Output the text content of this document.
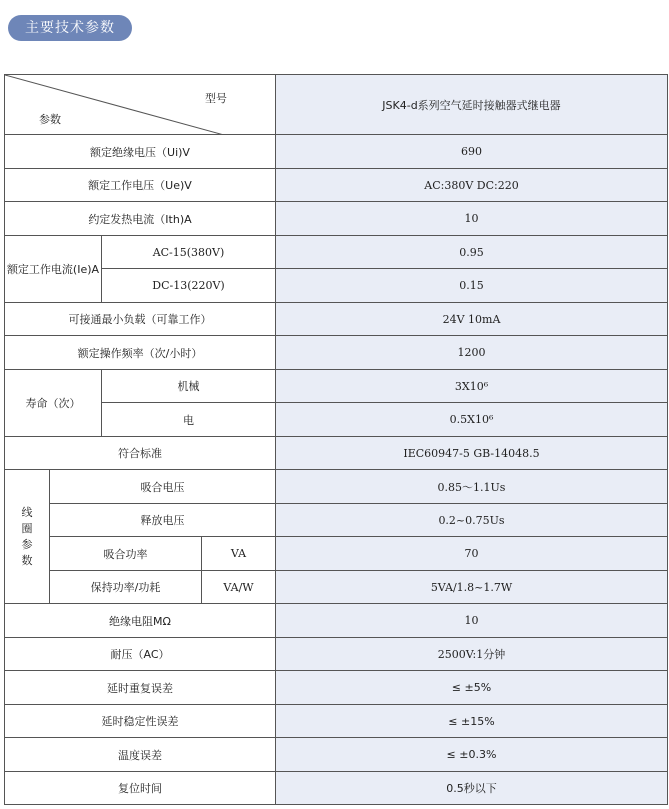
主要技术参数
型号
参数				JSK4-d系列空气延时接触器式继电器
额定绝缘电压（Ui)V				690
额定工作电压（Ue)V				AC:380V DC:220
约定发热电流（Ith)A				10
额定工作电流(Ie)A		AC-15(380V)		0.95
		DC-13(220V)		0.15
可接通最小负载（可靠工作）				24V 10mA
额定操作频率（次/小时）				1200
寿命（次）		机械		3X10⁶
		电		0.5X10⁶
符合标准				IEC60947-5 GB-14048.5

线
圈
参
数	吸合电压			0.85～1.1Us
	释放电压			0.2~0.75Us
	吸合功率		VA	70
	保持功率/功耗		VA/W	5VA/1.8~1.7W
绝缘电阻MΩ				10
耐压（AC）				2500V:1分钟
延时重复误差				≤ ±5%
延时稳定性误差				≤ ±15%
温度误差				≤ ±0.3%
复位时间				0.5秒以下
